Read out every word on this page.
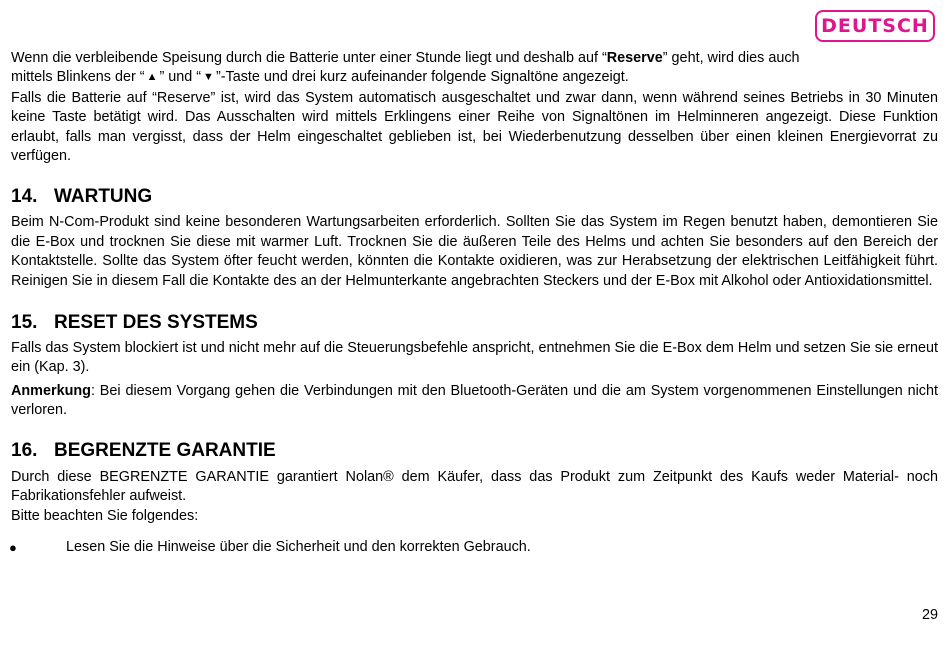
DEUTSCH

Wenn die verbleibende Speisung durch die Batterie unter einer Stunde liegt und deshalb auf “Reserve” geht, wird dies auch
mittels Blinkens der “ ▲ ” und “ ▼ ”-Taste und drei kurz aufeinander folgende Signaltöne angezeigt.

Falls die Batterie auf “Reserve” ist, wird das System automatisch ausgeschaltet und zwar dann, wenn während seines Betriebs in 30 Minuten keine Taste betätigt wird. Das Ausschalten wird mittels Erklingens einer Reihe von Signaltönen im Helminneren angezeigt. Diese Funktion erlaubt, falls man vergisst, dass der Helm eingeschaltet geblieben ist, bei Wiederbenutzung desselben über einen kleinen Energievorrat zu verfügen.

14. WARTUNG

Beim N-Com-Produkt sind keine besonderen Wartungsarbeiten erforderlich. Sollten Sie das System im Regen benutzt haben, demontieren Sie die E-Box und trocknen Sie diese mit warmer Luft. Trocknen Sie die äußeren Teile des Helms und achten Sie besonders auf den Bereich der Kontaktstelle. Sollte das System öfter feucht werden, könnten die Kontakte oxidieren, was zur Herabsetzung der elektrischen Leitfähigkeit führt. Reinigen Sie in diesem Fall die Kontakte des an der Helmunterkante angebrachten Steckers und der E-Box mit Alkohol oder Antioxidationsmittel.

15. RESET DES SYSTEMS

Falls das System blockiert ist und nicht mehr auf die Steuerungsbefehle anspricht, entnehmen Sie die E-Box dem Helm und setzen Sie sie erneut ein (Kap. 3).

Anmerkung: Bei diesem Vorgang gehen die Verbindungen mit den Bluetooth-Geräten und die am System vorgenommenen Einstellungen nicht verloren.

16. BEGRENZTE GARANTIE

Durch diese BEGRENZTE GARANTIE garantiert Nolan® dem Käufer, dass das Produkt zum Zeitpunkt des Kaufs weder Material- noch Fabrikationsfehler aufweist.

Bitte beachten Sie folgendes:

●	Lesen Sie die Hinweise über die Sicherheit und den korrekten Gebrauch.
29
